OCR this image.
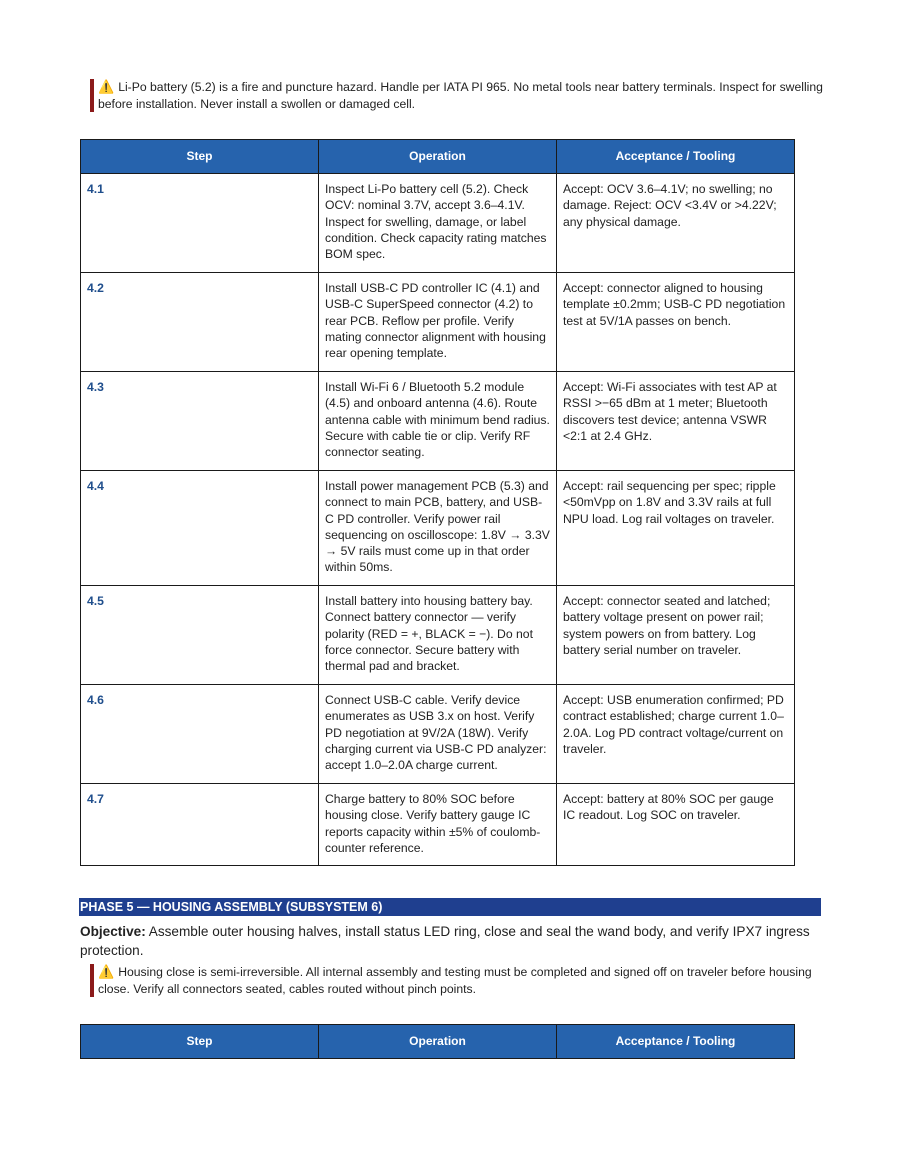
⚠️ Li-Po battery (5.2) is a fire and puncture hazard. Handle per IATA PI 965. No metal tools near battery terminals. Inspect for swelling before installation. Never install a swollen or damaged cell.
Step	Operation	Acceptance / Tooling
4.1	Inspect Li-Po battery cell (5.2). Check OCV: nominal 3.7V, accept 3.6–4.1V. Inspect for swelling, damage, or label condition. Check capacity rating matches BOM spec.	Accept: OCV 3.6–4.1V; no swelling; no damage. Reject: OCV <3.4V or >4.22V; any physical damage.
4.2	Install USB-C PD controller IC (4.1) and USB-C SuperSpeed connector (4.2) to rear PCB. Reflow per profile. Verify mating connector alignment with housing rear opening template.	Accept: connector aligned to housing template ±0.2mm; USB-C PD negotiation test at 5V/1A passes on bench.
4.3	Install Wi-Fi 6 / Bluetooth 5.2 module (4.5) and onboard antenna (4.6). Route antenna cable with minimum bend radius. Secure with cable tie or clip. Verify RF connector seating.	Accept: Wi-Fi associates with test AP at RSSI >−65 dBm at 1 meter; Bluetooth discovers test device; antenna VSWR <2:1 at 2.4 GHz.
4.4	Install power management PCB (5.3) and connect to main PCB, battery, and USB-C PD controller. Verify power rail sequencing on oscilloscope: 1.8V → 3.3V → 5V rails must come up in that order within 50ms.	Accept: rail sequencing per spec; ripple <50mVpp on 1.8V and 3.3V rails at full NPU load. Log rail voltages on traveler.
4.5	Install battery into housing battery bay. Connect battery connector — verify polarity (RED = +, BLACK = −). Do not force connector. Secure battery with thermal pad and bracket.	Accept: connector seated and latched; battery voltage present on power rail; system powers on from battery. Log battery serial number on traveler.
4.6	Connect USB-C cable. Verify device enumerates as USB 3.x on host. Verify PD negotiation at 9V/2A (18W). Verify charging current via USB-C PD analyzer: accept 1.0–2.0A charge current.	Accept: USB enumeration confirmed; PD contract established; charge current 1.0–2.0A. Log PD contract voltage/current on traveler.
4.7	Charge battery to 80% SOC before housing close. Verify battery gauge IC reports capacity within ±5% of coulomb-counter reference.	Accept: battery at 80% SOC per gauge IC readout. Log SOC on traveler.
PHASE 5 — HOUSING ASSEMBLY (SUBSYSTEM 6)
Objective: Assemble outer housing halves, install status LED ring, close and seal the wand body, and verify IPX7 ingress protection.
⚠️ Housing close is semi-irreversible. All internal assembly and testing must be completed and signed off on traveler before housing close. Verify all connectors seated, cables routed without pinch points.
Step	Operation	Acceptance / Tooling
